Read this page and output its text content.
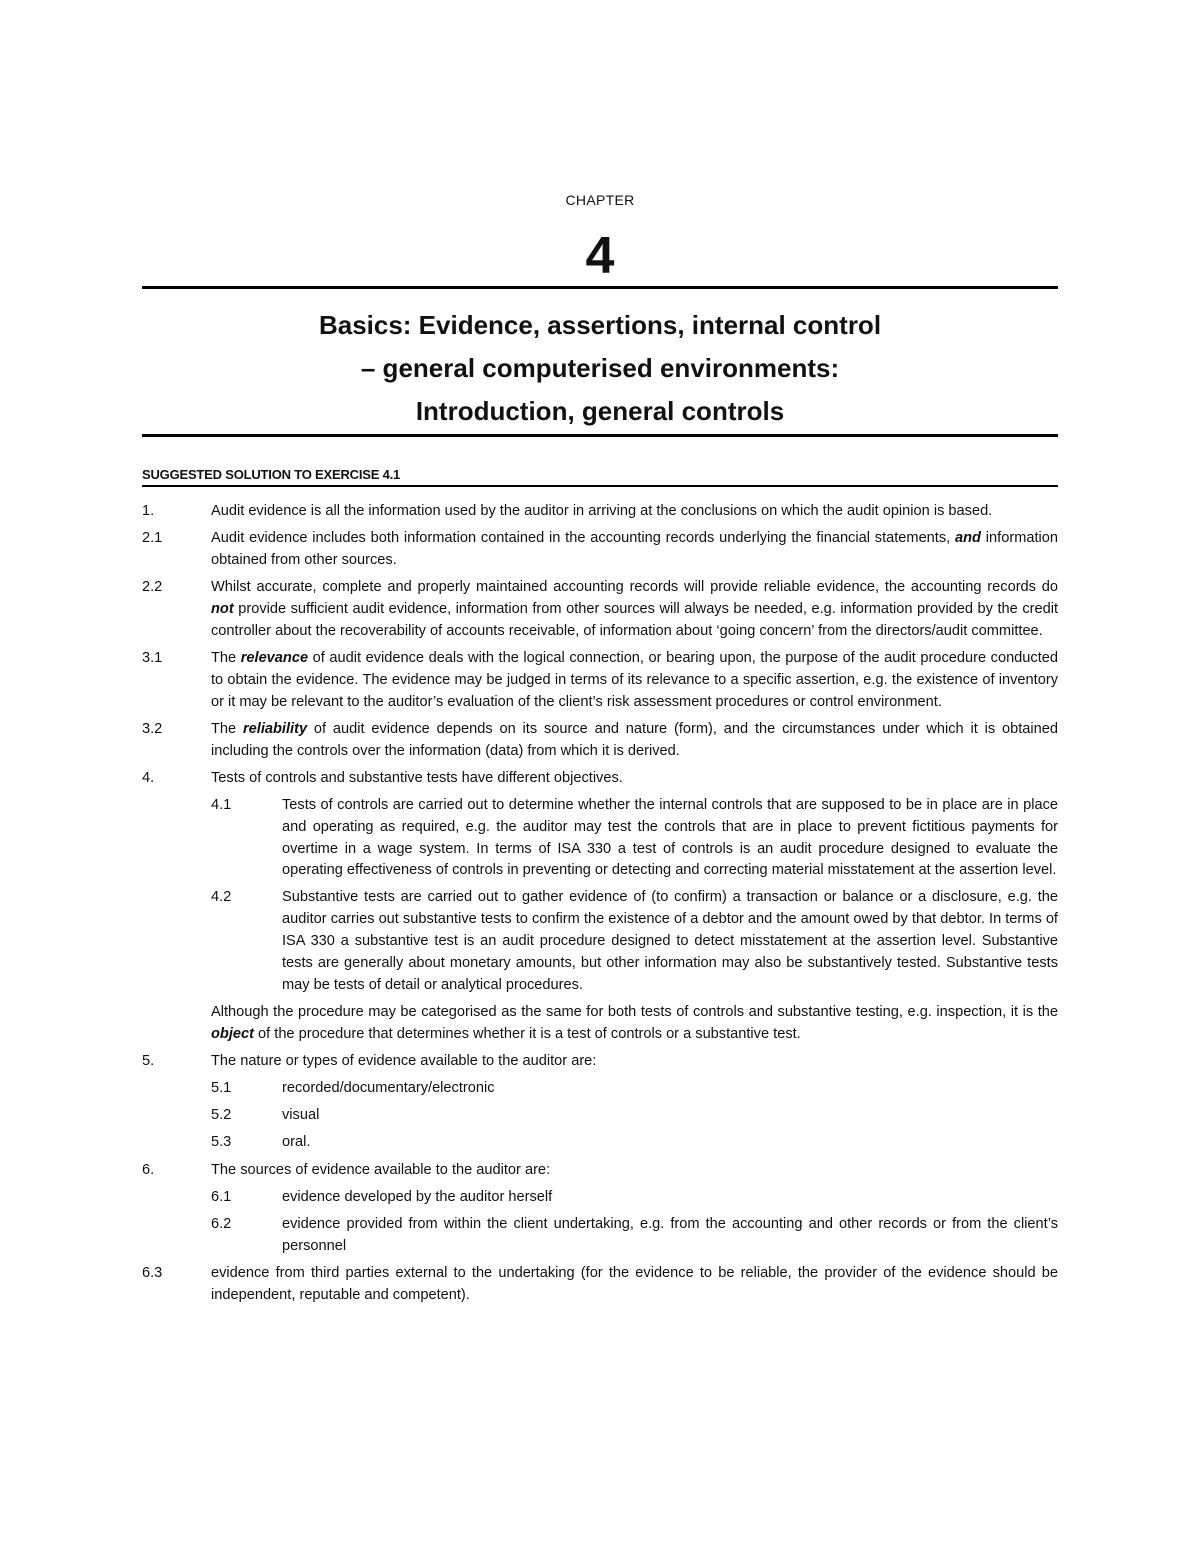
CHAPTER
4
Basics: Evidence, assertions, internal control
– general computerised environments:
Introduction, general controls
SUGGESTED SOLUTION TO EXERCISE 4.1
1.	Audit evidence is all the information used by the auditor in arriving at the conclusions on which the audit opinion is based.
2.1	Audit evidence includes both information contained in the accounting records underlying the financial statements, and information obtained from other sources.
2.2	Whilst accurate, complete and properly maintained accounting records will provide reliable evidence, the accounting records do not provide sufficient audit evidence, information from other sources will always be needed, e.g. information provided by the credit controller about the recoverability of accounts receivable, of information about ‘going concern’ from the directors/audit committee.
3.1	The relevance of audit evidence deals with the logical connection, or bearing upon, the purpose of the audit procedure conducted to obtain the evidence. The evidence may be judged in terms of its relevance to a specific assertion, e.g. the existence of inventory or it may be relevant to the auditor’s evaluation of the client’s risk assessment procedures or control environment.
3.2	The reliability of audit evidence depends on its source and nature (form), and the circumstances under which it is obtained including the controls over the information (data) from which it is derived.
4.	Tests of controls and substantive tests have different objectives.
4.1	Tests of controls are carried out to determine whether the internal controls that are supposed to be in place are in place and operating as required, e.g. the auditor may test the controls that are in place to prevent fictitious payments for overtime in a wage system. In terms of ISA 330 a test of controls is an audit procedure designed to evaluate the operating effectiveness of controls in preventing or detecting and correcting material misstatement at the assertion level.
4.2	Substantive tests are carried out to gather evidence of (to confirm) a transaction or balance or a disclosure, e.g. the auditor carries out substantive tests to confirm the existence of a debtor and the amount owed by that debtor. In terms of ISA 330 a substantive test is an audit procedure designed to detect misstatement at the assertion level. Substantive tests are generally about monetary amounts, but other information may also be substantively tested. Substantive tests may be tests of detail or analytical procedures.
Although the procedure may be categorised as the same for both tests of controls and substantive testing, e.g. inspection, it is the object of the procedure that determines whether it is a test of controls or a substantive test.
5.	The nature or types of evidence available to the auditor are:
5.1	recorded/documentary/electronic
5.2	visual
5.3	oral.
6.	The sources of evidence available to the auditor are:
6.1	evidence developed by the auditor herself
6.2	evidence provided from within the client undertaking, e.g. from the accounting and other records or from the client’s personnel
6.3	evidence from third parties external to the undertaking (for the evidence to be reliable, the provider of the evidence should be independent, reputable and competent).
